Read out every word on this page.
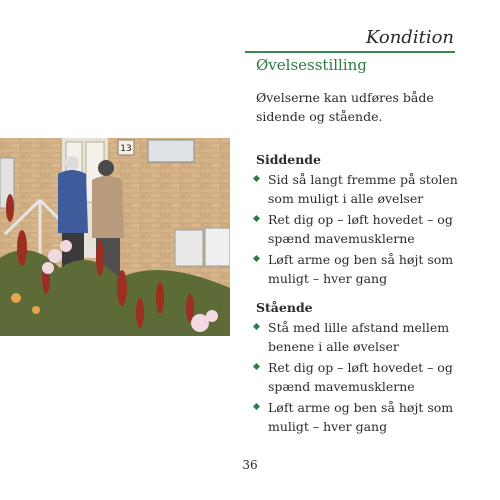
Kondition
Øvelsesstilling
Øvelserne kan udføres både sidende og stående.
13
Siddende
Sid så langt fremme på stolen som muligt i alle øvelser
Ret dig op – løft hovedet – og spænd mavemusklerne
Løft arme og ben så højt som muligt – hver gang
Stående
Stå med lille afstand mellem benene i alle øvelser
Ret dig op – løft hovedet – og spænd mavemusklerne
Løft arme og ben så højt som muligt – hver gang
36
